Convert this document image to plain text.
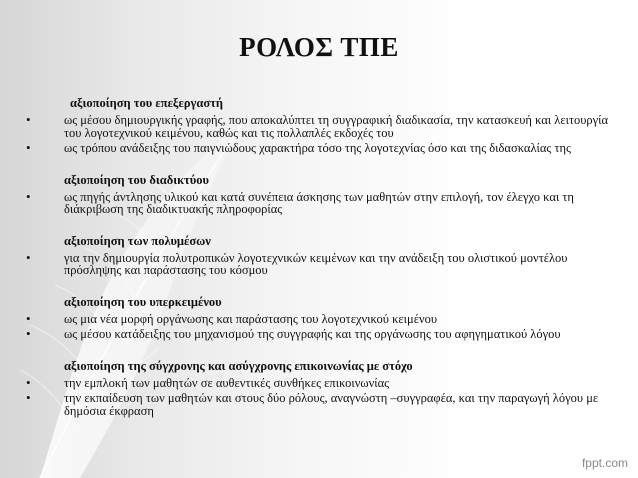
ΡΟΛΟΣ ΤΠΕ
αξιοποίηση του επεξεργαστή
•	ως μέσου δημιουργικής γραφής, που αποκαλύπτει τη συγγραφική διαδικασία, την κατασκευή και λειτουργία του λογοτεχνικού κειμένου, καθώς και τις πολλαπλές εκδοχές του
•	ως τρόπου ανάδειξης του παιγνιώδους χαρακτήρα τόσο της λογοτεχνίας όσο και της διδασκαλίας της
αξιοποίηση του διαδικτύου
•	ως πηγής άντλησης υλικού και κατά συνέπεια άσκησης των μαθητών στην επιλογή, τον έλεγχο και τη διάκριβωση της διαδικτυακής πληροφορίας
αξιοποίηση των πολυμέσων
•	για την δημιουργία πολυτροπικών λογοτεχνικών κειμένων και την ανάδειξη του ολιστικού μοντέλου πρόσληψης και παράστασης του κόσμου
αξιοποίηση του υπερκειμένου
•	ως μια νέα μορφή οργάνωσης και παράστασης του λογοτεχνικού κειμένου
•	ως μέσου κατάδειξης του μηχανισμού της συγγραφής και της οργάνωσης του αφηγηματικού λόγου
αξιοποίηση της σύγχρονης και ασύγχρονης επικοινωνίας με στόχο
•	την εμπλοκή των μαθητών σε αυθεντικές συνθήκες επικοινωνίας
•	την εκπαίδευση των μαθητών και στους δύο ρόλους, αναγνώστη –συγγραφέα, και την παραγωγή λόγου με δημόσια έκφραση
fppt.com
